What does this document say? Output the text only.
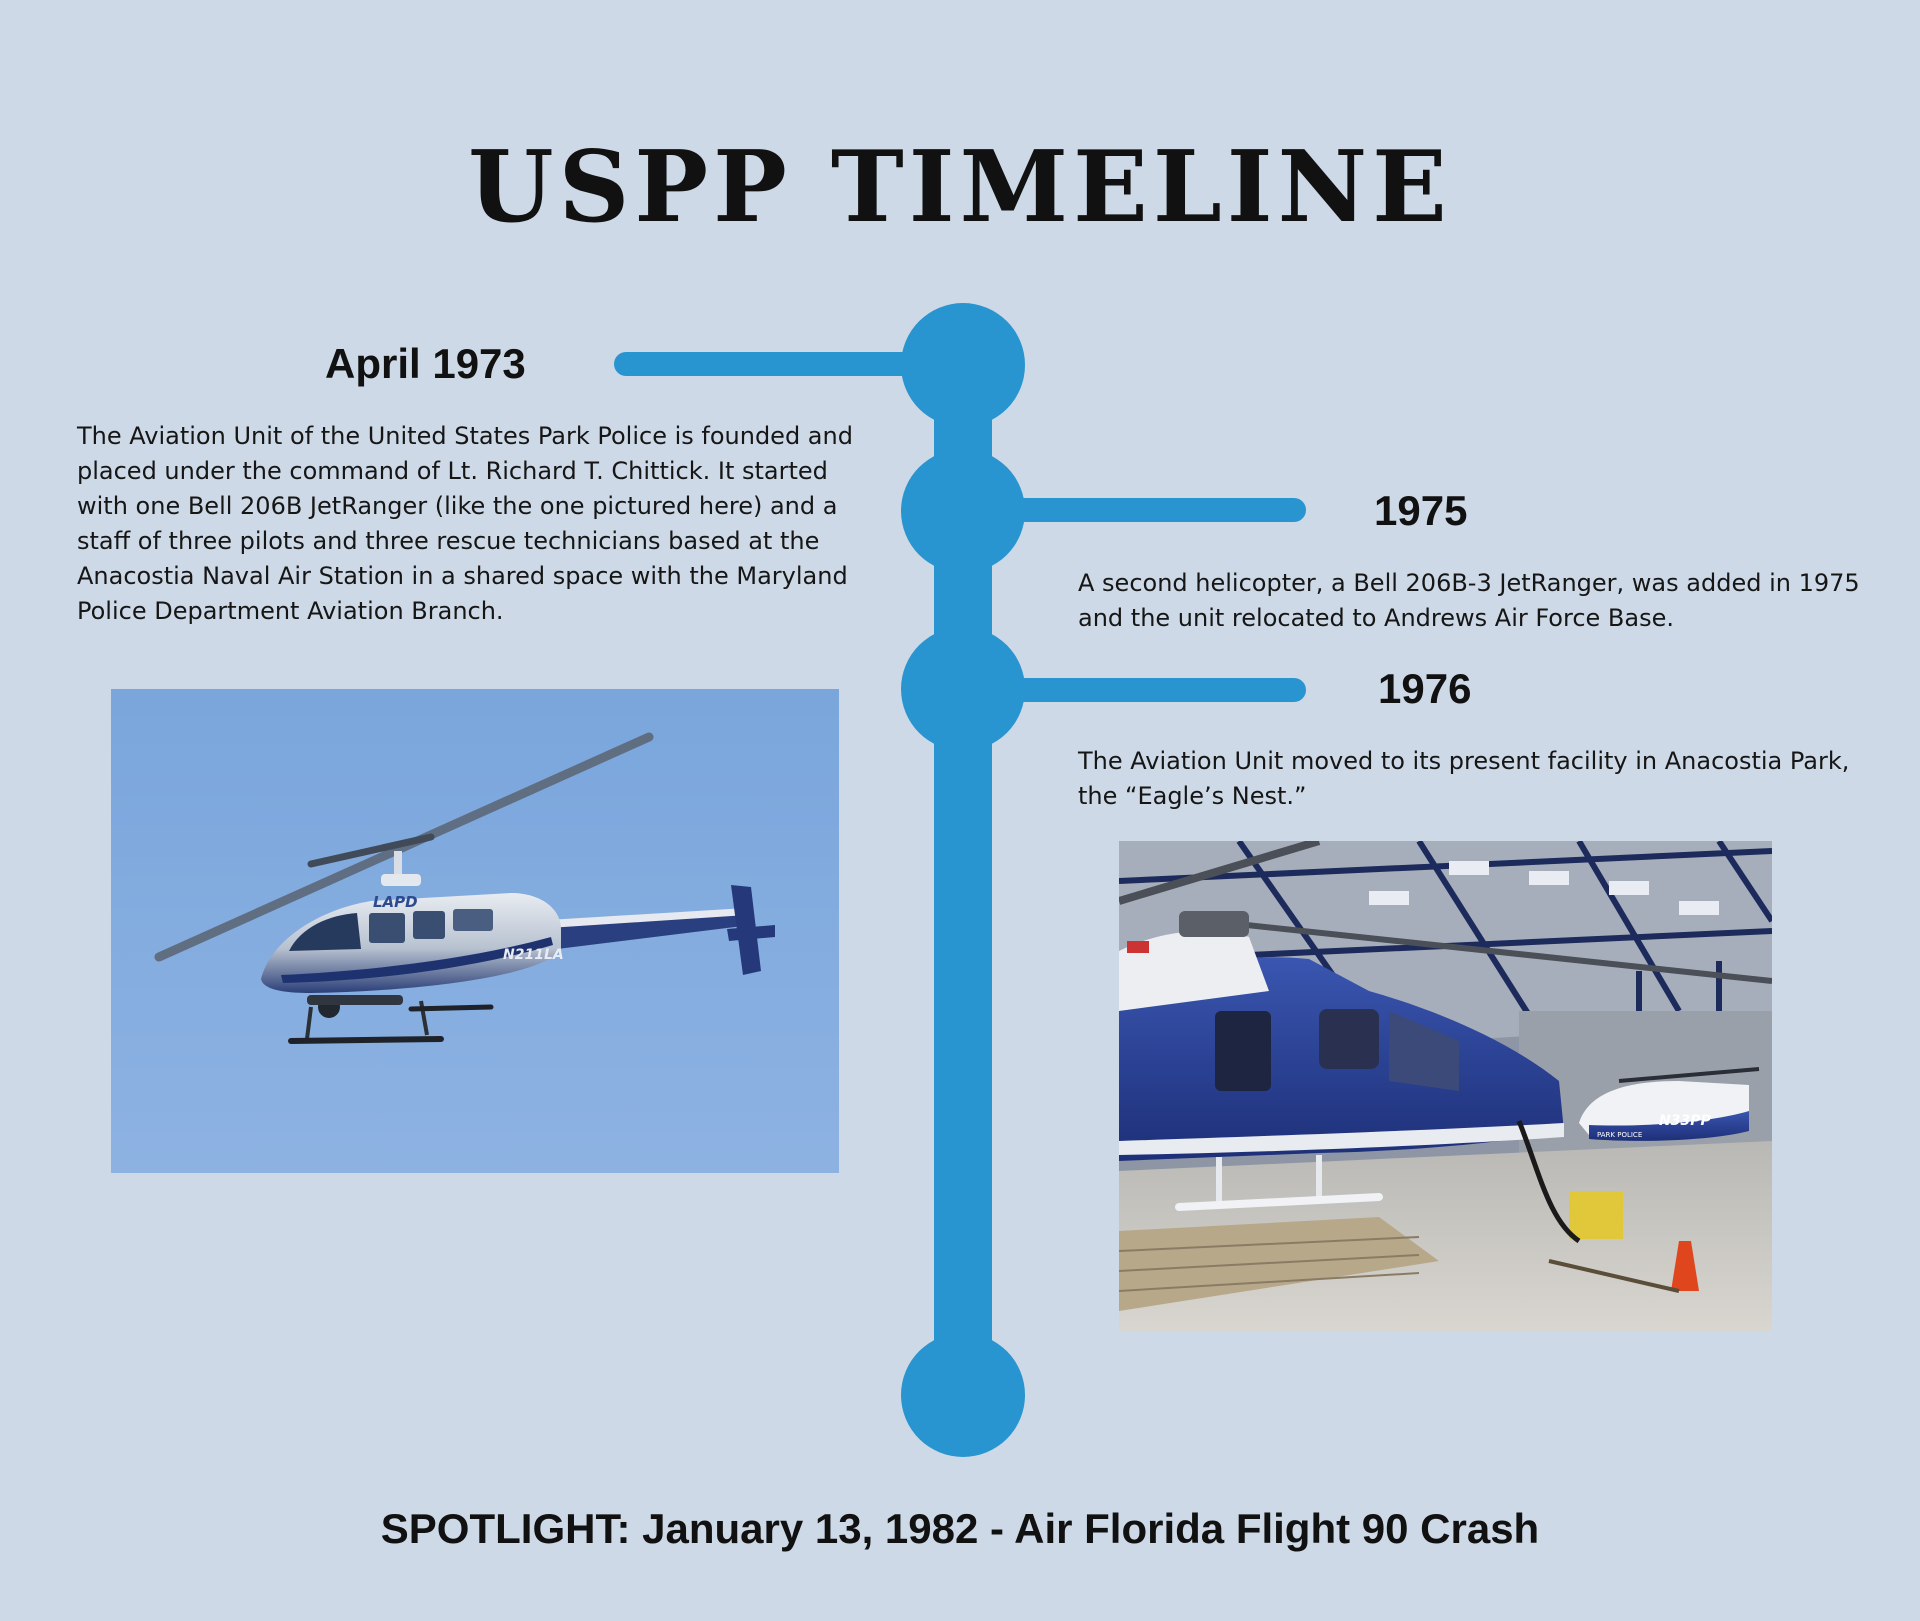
USPP TIMELINE
April 1973
The Aviation Unit of the United States Park Police is founded and placed under the command of Lt. Richard T. Chittick. It started with one Bell 206B JetRanger (like the one pictured here) and a staff of three pilots and three rescue technicians based at the Anacostia Naval Air Station in a shared space with the Maryland Police Department Aviation Branch.
1975
A second helicopter, a Bell 206B-3 JetRanger, was added in 1975 and the unit relocated to Andrews Air Force Base.
1976
The Aviation Unit moved to its present facility in Anacostia Park, the “Eagle’s Nest.”
LAPD
N211LA
N33PP
PARK POLICE
SPOTLIGHT: January 13, 1982 - Air Florida Flight 90 Crash
